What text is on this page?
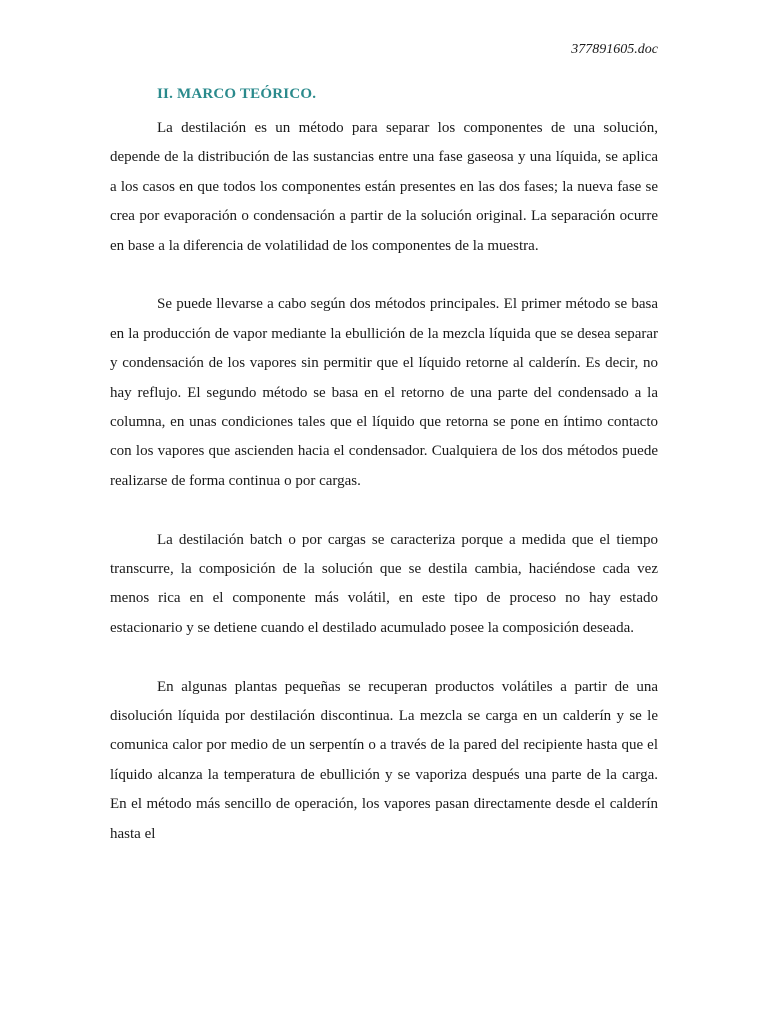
377891605.doc
II. MARCO TEÓRICO.

La destilación es un método para separar los componentes de una solución, depende de la distribución de las sustancias entre una fase gaseosa y una líquida, se aplica a los casos en que todos los componentes están presentes en las dos fases; la nueva fase se crea por evaporación o condensación a partir de la solución original. La separación ocurre en base a la diferencia de volatilidad de los componentes de la muestra.

Se puede llevarse a cabo según dos métodos principales. El primer método se basa en la producción de vapor mediante la ebullición de la mezcla líquida que se desea separar y condensación de los vapores sin permitir que el líquido retorne al calderín. Es decir, no hay reflujo. El segundo método se basa en el retorno de una parte del condensado a la columna, en unas condiciones tales que el líquido que retorna se pone en íntimo contacto con los vapores que ascienden hacia el condensador. Cualquiera de los dos métodos puede realizarse de forma continua o por cargas.

La destilación batch o por cargas se caracteriza porque a medida que el tiempo transcurre, la composición de la solución que se destila cambia, haciéndose cada vez menos rica en el componente más volátil, en este tipo de proceso no hay estado estacionario y se detiene cuando el destilado acumulado posee la composición deseada.

En algunas plantas pequeñas se recuperan productos volátiles a partir de una disolución líquida por destilación discontinua. La mezcla se carga en un calderín y se le comunica calor por medio de un serpentín o a través de la pared del recipiente hasta que el líquido alcanza la temperatura de ebullición y se vaporiza después una parte de la carga. En el método más sencillo de operación, los vapores pasan directamente desde el calderín hasta el
